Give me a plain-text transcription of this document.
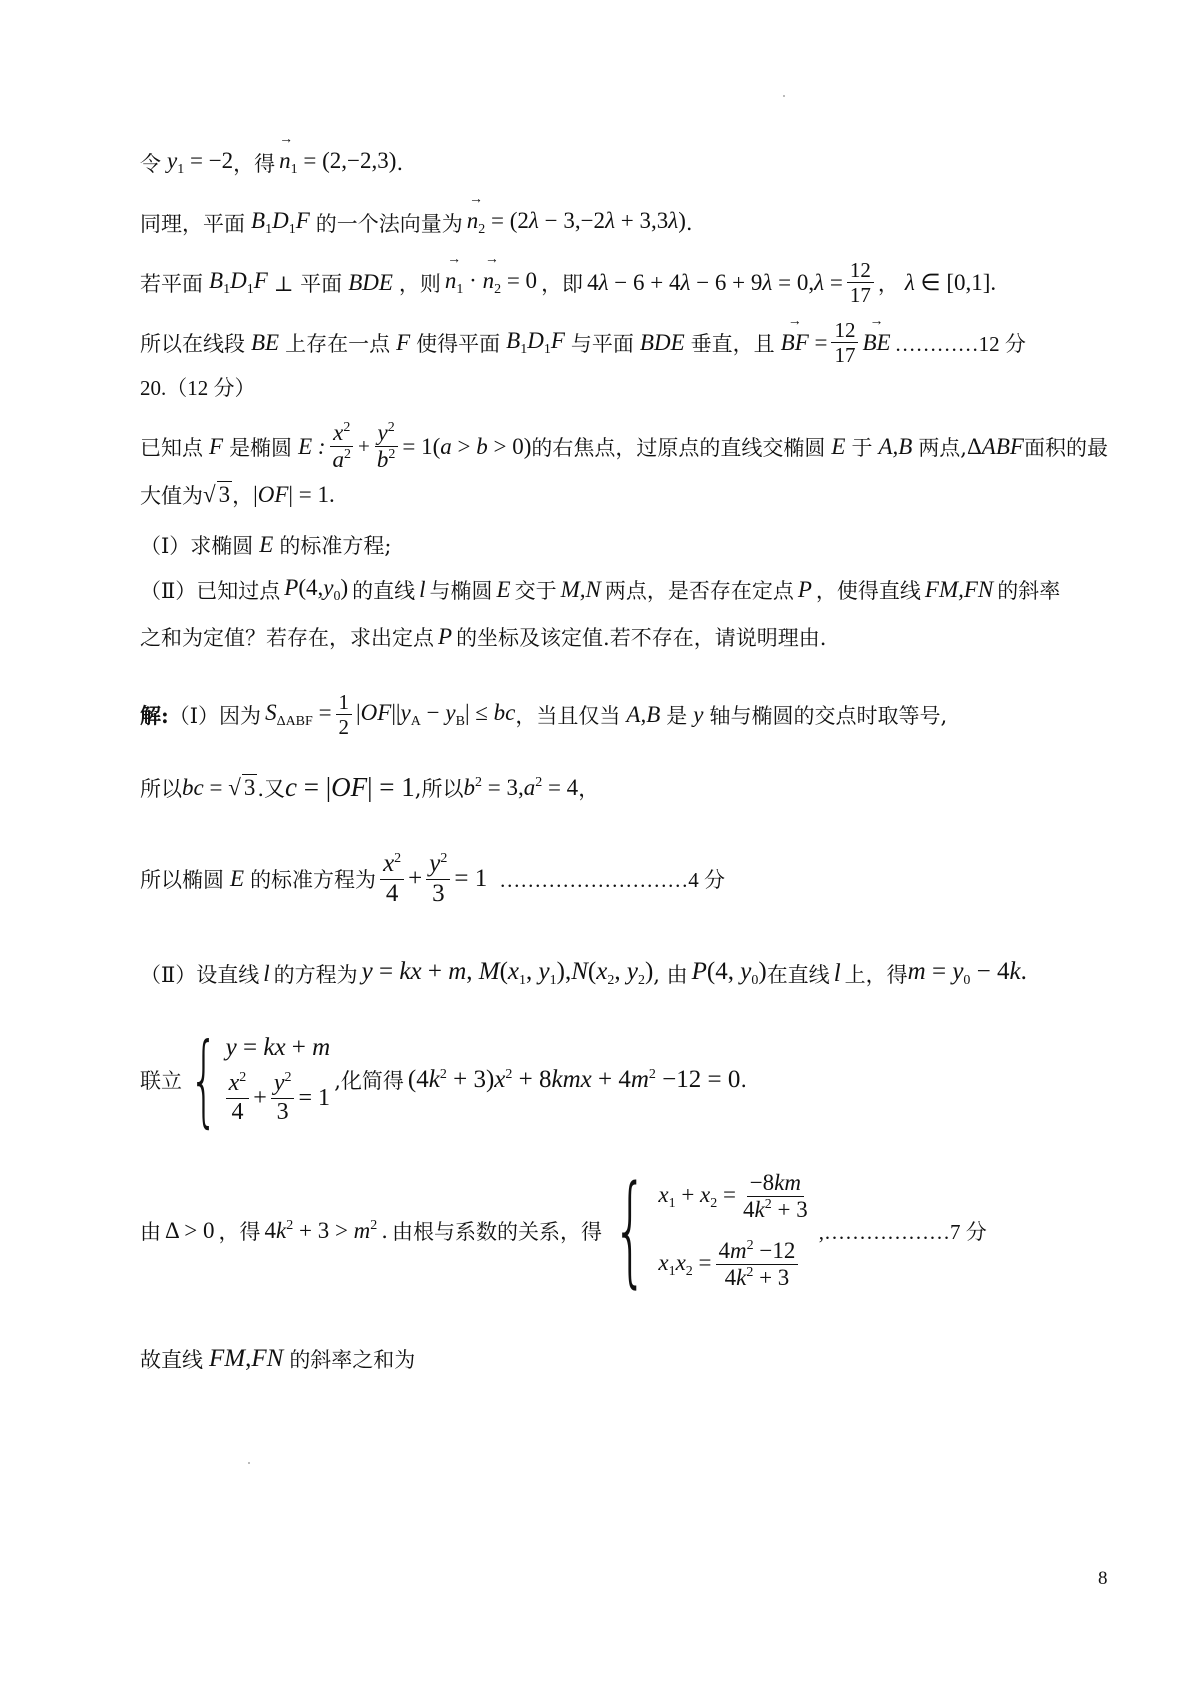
令 $y_1 = -2$ ，得 → $n_1 = (2,-2,3)$ .
同理，平面 $B_1D_1F$ 的一个法向量为 → $n_2 = (2\lambda - 3,-2\lambda + 3,3\lambda)$ .
若平面 $B_1D_1F$ ⊥ 平面 BDE ，则 → $n_1$ · → $n_2 = 0$ ，即 $4\lambda - 6 + 4\lambda - 6 + 9\lambda = 0,\lambda = \frac{12}{17}$ ， λ ∈ [0,1].
所以在线段 BE 上存在一点 F 使得平面 $B_1D_1F$ 与平面 BDE 垂直，且 → BF = $\frac{12}{17}$ → BE …………12 分
20.（12 分）
已知点 F 是椭圆 E : $\frac{x^2}{a^2} + \frac{y^2}{b^2} = 1(a > b > 0)$ 的右焦点，过原点的直线交椭圆 E 于 A,B 两点, ΔABF 面积的最
大值为 √ 3 ， |OF| = 1.
（Ⅰ）求椭圆 E 的标准方程;
（Ⅱ）已知过点 $P(4,y_0)$ 的直线 l 与椭圆 E 交于 M,N 两点，是否存在定点 P ，使得直线 FM,FN 的斜率
之和为定值？若存在，求出定点 P 的坐标及该定值.若不存在，请说明理由.
解: （Ⅰ）因为 $S_{\Delta ABF} = \frac{1}{2} |OF||y_A - y_B|$ ≤ bc ，当且仅当 A,B 是 y 轴与椭圆的交点时取等号,
所以 bc = √ 3 .又 c = |OF| = 1 ,所以 $b^2 = 3,a^2 = 4$ ，
所以椭圆 E 的标准方程为 $\frac{x^2}{4} + \frac{y^2}{3} = 1$ ………………………4 分
（Ⅱ）设直线 l 的方程为 y = kx + m, $M(x_1$, $y_1),N(x_2$, $y_2$) , 由 P(4, $y_0$) 在直线 l 上，得 $m = y_0 - 4k$.
联立 { y = kx + m
$\frac{x^2}{4} + \frac{y^2}{3} = 1$
,化简得 $(4k^2 + 3)x^2 + 8kmx + 4m^2 -12 = 0$ .
由 Δ > 0 ，得 $4k^2 + 3 > m^2$ . 由根与系数的关系，得 { $x_1 + x_2 = \frac{-8km}{4k^2 + 3}$
$x_1x_2 = \frac{4m^2 -12}{4k^2 + 3}$
,………………7 分
故直线 FM,FN 的斜率之和为
8
